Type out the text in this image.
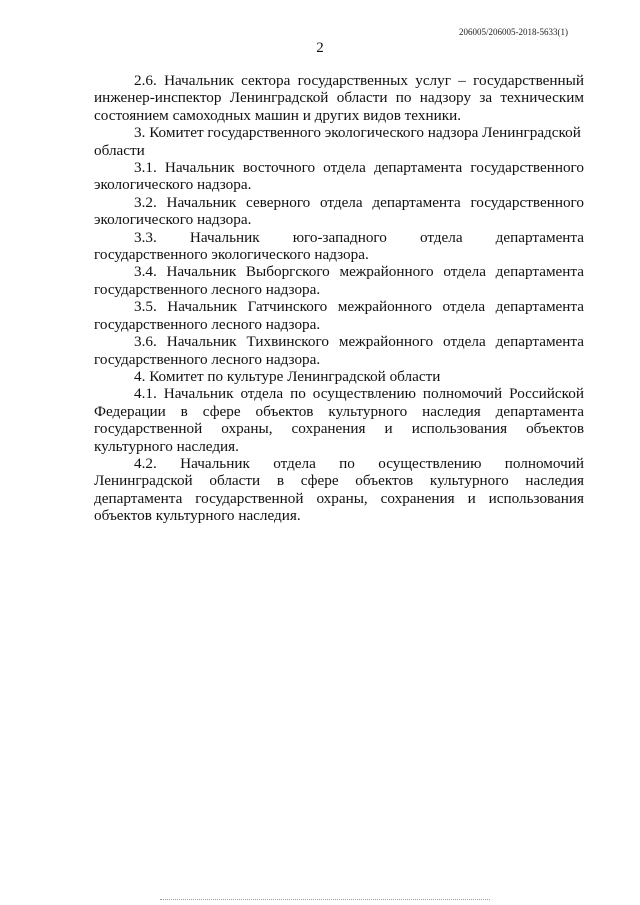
206005/206005-2018-5633(1)
2

2.6. Начальник сектора государственных услуг – государственный инженер-инспектор Ленинградской области по надзору за техническим состоянием самоходных машин и других видов техники.

3. Комитет государственного экологического надзора Ленинградской области

3.1. Начальник восточного отдела департамента государственного экологического надзора.

3.2. Начальник северного отдела департамента государственного экологического надзора.

3.3. Начальник юго-западного отдела департамента государственного экологического надзора.

3.4. Начальник Выборгского межрайонного отдела департамента государственного лесного надзора.

3.5. Начальник Гатчинского межрайонного отдела департамента государственного лесного надзора.

3.6. Начальник Тихвинского межрайонного отдела департамента государственного лесного надзора.

4. Комитет по культуре Ленинградской области

4.1. Начальник отдела по осуществлению полномочий Российской Федерации в сфере объектов культурного наследия департамента государственной охраны, сохранения и использования объектов культурного наследия.

4.2. Начальник отдела по осуществлению полномочий Ленинградской области в сфере объектов культурного наследия департамента государственной охраны, сохранения и использования объектов культурного наследия.
